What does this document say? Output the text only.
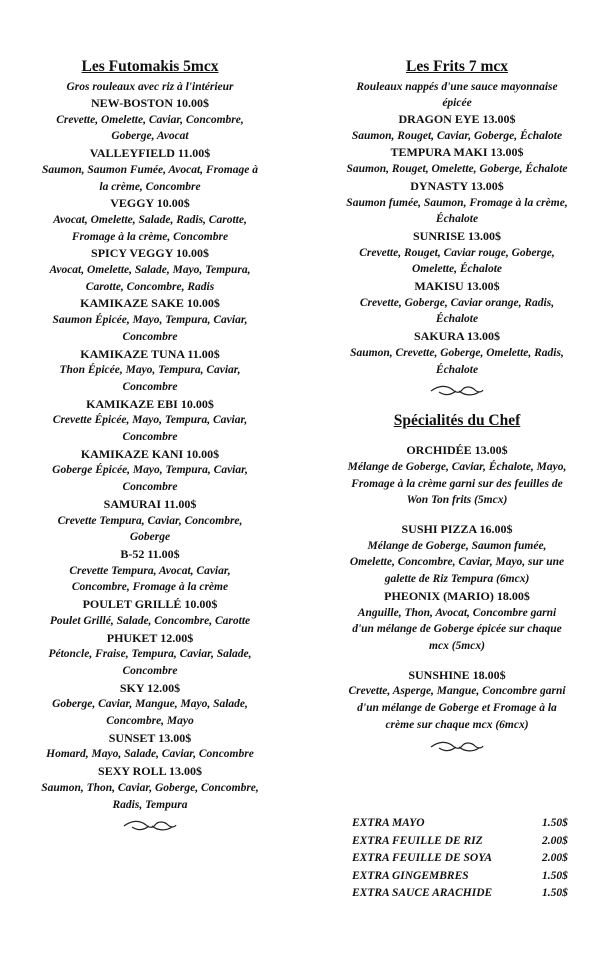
Les Futomakis 5mcx
Gros rouleaux avec riz à l'intérieur
NEW-BOSTON 10.00$
Crevette, Omelette, Caviar, Concombre,
Goberge, Avocat
VALLEYFIELD 11.00$
Saumon, Saumon Fumée, Avocat, Fromage à
la crème, Concombre
VEGGY 10.00$
Avocat, Omelette, Salade, Radis, Carotte,
Fromage à la crème, Concombre
SPICY VEGGY 10.00$
Avocat, Omelette, Salade, Mayo, Tempura,
Carotte, Concombre, Radis
KAMIKAZE SAKE 10.00$
Saumon Épicée, Mayo, Tempura, Caviar,
Concombre
KAMIKAZE TUNA 11.00$
Thon Épicée, Mayo, Tempura, Caviar,
Concombre
KAMIKAZE EBI 10.00$
Crevette Épicée, Mayo, Tempura, Caviar,
Concombre
KAMIKAZE KANI 10.00$
Goberge Épicée, Mayo, Tempura, Caviar,
Concombre
SAMURAI 11.00$
Crevette Tempura, Caviar, Concombre,
Goberge
B-52 11.00$
Crevette Tempura, Avocat, Caviar,
Concombre, Fromage à la crème
POULET GRILLÉ 10.00$
Poulet Grillé, Salade, Concombre, Carotte
PHUKET 12.00$
Pétoncle, Fraise, Tempura, Caviar, Salade,
Concombre
SKY 12.00$
Goberge, Caviar, Mangue, Mayo, Salade,
Concombre, Mayo
SUNSET 13.00$
Homard, Mayo, Salade, Caviar, Concombre
SEXY ROLL 13.00$
Saumon, Thon, Caviar, Goberge, Concombre,
Radis, Tempura
Les Frits 7 mcx
Rouleaux nappés d'une sauce mayonnaise
épicée
DRAGON EYE 13.00$
Saumon, Rouget, Caviar, Goberge, Échalote
TEMPURA MAKI 13.00$
Saumon, Rouget, Omelette, Goberge, Échalote
DYNASTY 13.00$
Saumon fumée, Saumon, Fromage à la crème,
Échalote
SUNRISE 13.00$
Crevette, Rouget, Caviar rouge, Goberge,
Omelette, Échalote
MAKISU 13.00$
Crevette, Goberge, Caviar orange, Radis,
Échalote
SAKURA 13.00$
Saumon, Crevette, Goberge, Omelette, Radis,
Échalote
Spécialités du Chef
ORCHIDÉE 13.00$
Mélange de Goberge, Caviar, Échalote, Mayo,
Fromage à la crème garni sur des feuilles de
Won Ton frits (5mcx)
SUSHI PIZZA 16.00$
Mélange de Goberge, Saumon fumée,
Omelette, Concombre, Caviar, Mayo, sur une
galette de Riz Tempura (6mcx)
PHEONIX (MARIO) 18.00$
Anguille, Thon, Avocat, Concombre garni
d'un mélange de Goberge épicée sur chaque
mcx (5mcx)
SUNSHINE 18.00$
Crevette, Asperge, Mangue, Concombre garni
d'un mélange de Goberge et Fromage à la
crème sur chaque mcx (6mcx)
EXTRA MAYO	1.50$
EXTRA FEUILLE DE RIZ	2.00$
EXTRA FEUILLE DE SOYA	2.00$
EXTRA GINGEMBRES	1.50$
EXTRA SAUCE ARACHIDE	1.50$
